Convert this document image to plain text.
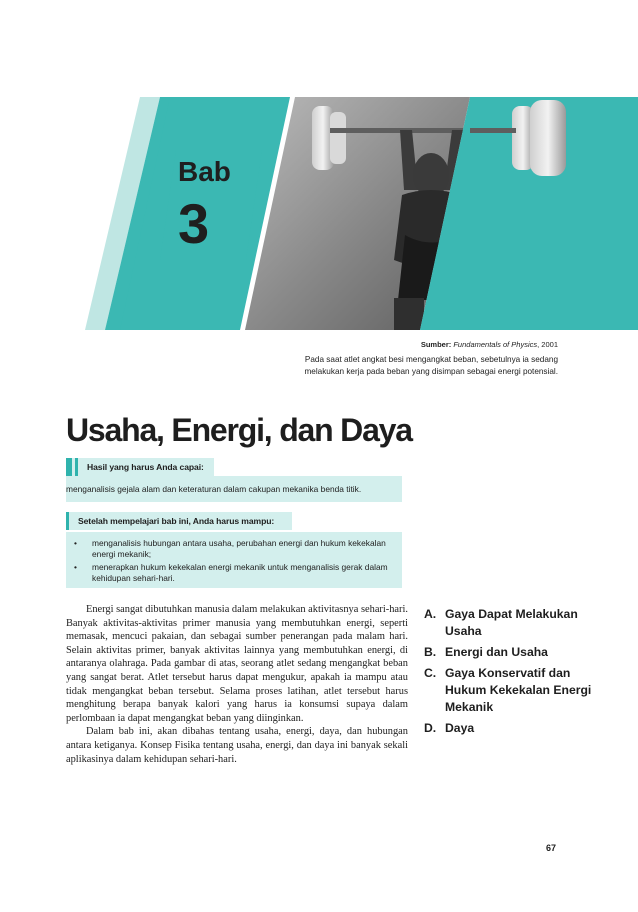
Bab
3
Sumber: Fundamentals of Physics, 2001
Pada saat atlet angkat besi mengangkat beban, sebetulnya ia sedang melakukan kerja pada beban yang disimpan sebagai energi potensial.
Usaha, Energi, dan Daya
Hasil yang harus Anda capai:
menganalisis gejala alam dan keteraturan dalam cakupan mekanika benda titik.
Setelah mempelajari bab ini, Anda harus mampu:
• menganalisis hubungan antara usaha, perubahan energi dan hukum kekekalan energi mekanik;
• menerapkan hukum kekekalan energi mekanik untuk menganalisis gerak dalam kehidupan sehari-hari.

Energi sangat dibutuhkan manusia dalam melakukan aktivitasnya sehari-hari. Banyak aktivitas-aktivitas primer manusia yang membutuhkan energi, seperti memasak, mencuci pakaian, dan sebagai sumber penerangan pada malam hari. Selain aktivitas primer, banyak aktivitas lainnya yang membutuhkan energi, di antaranya olahraga. Pada gambar di atas, seorang atlet sedang mengangkat beban yang sangat berat. Atlet tersebut harus dapat mengukur, apakah ia mampu atau tidak mengangkat beban tersebut. Selama proses latihan, atlet tersebut harus menghitung berapa banyak kalori yang harus ia konsumsi supaya dalam perlombaan ia dapat mengangkat beban yang diinginkan.

Dalam bab ini, akan dibahas tentang usaha, energi, daya, dan hubungan antara ketiganya. Konsep Fisika tentang usaha, energi, dan daya ini banyak sekali aplikasinya dalam kehidupan sehari-hari.

A. Gaya Dapat Melakukan Usaha
B. Energi dan Usaha
C. Gaya Konservatif dan Hukum Kekekalan Energi Mekanik
D. Daya
67
